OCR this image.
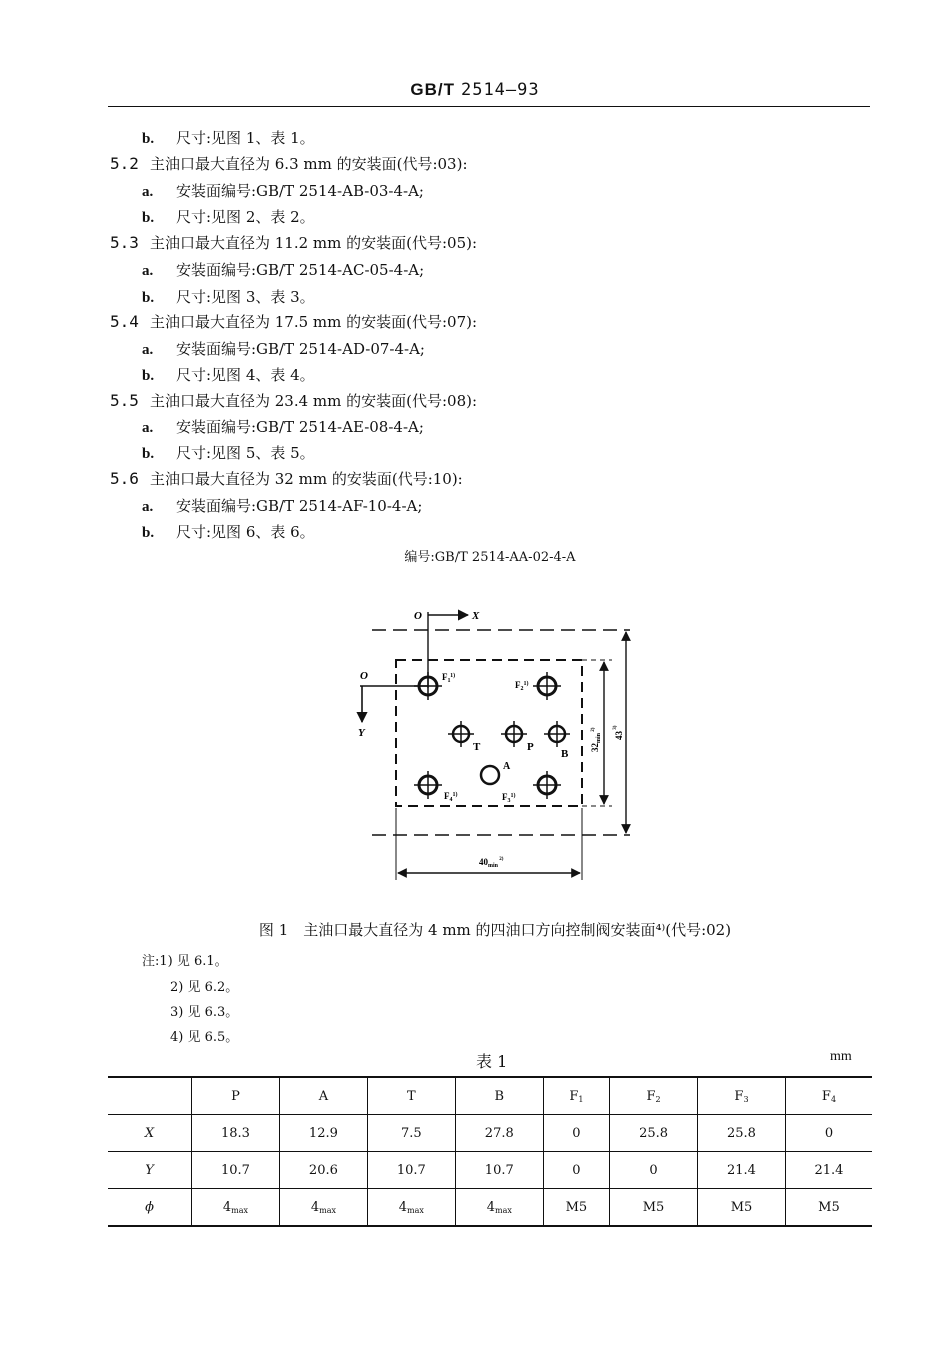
GB/T 2514—93
b. 尺寸:见图 1、表 1。
5.2 主油口最大直径为 6.3 mm 的安装面(代号:03):
a. 安装面编号:GB/T 2514-AB-03-4-A;
b. 尺寸:见图 2、表 2。
5.3 主油口最大直径为 11.2 mm 的安装面(代号:05):
a. 安装面编号:GB/T 2514-AC-05-4-A;
b. 尺寸:见图 3、表 3。
5.4 主油口最大直径为 17.5 mm 的安装面(代号:07):
a. 安装面编号:GB/T 2514-AD-07-4-A;
b. 尺寸:见图 4、表 4。
5.5 主油口最大直径为 23.4 mm 的安装面(代号:08):
a. 安装面编号:GB/T 2514-AE-08-4-A;
b. 尺寸:见图 5、表 5。
5.6 主油口最大直径为 32 mm 的安装面(代号:10):
a. 安装面编号:GB/T 2514-AF-10-4-A;
b. 尺寸:见图 6、表 6。
编号:GB/T 2514-AA-02-4-A
O	X
O
Y
$F_1^{1)}$
$F_2^{1)}$
T	P
B
A
$F_4^{1)}$	$F_3^{1)}$
$32_{min}$ $^{2)}$
43 $^{3)}$
$40_{min}$ $^{2)}$
图 1　主油口最大直径为 4 mm 的四油口方向控制阀安装面⁴⁾(代号:02)
注:1) 见 6.1。
2) 见 6.2。
3) 见 6.3。
4) 见 6.5。
表 1	mm
	P	A	T	B	$F_1$	$F_2$	$F_3$	$F_4$
X	18.3	12.9	7.5	27.8	0	25.8	25.8	0
Y	10.7	20.6	10.7	10.7	0	0	21.4	21.4
ϕ	$4_{max}$	$4_{max}$	$4_{max}$	$4_{max}$	M5	M5	M5	M5
